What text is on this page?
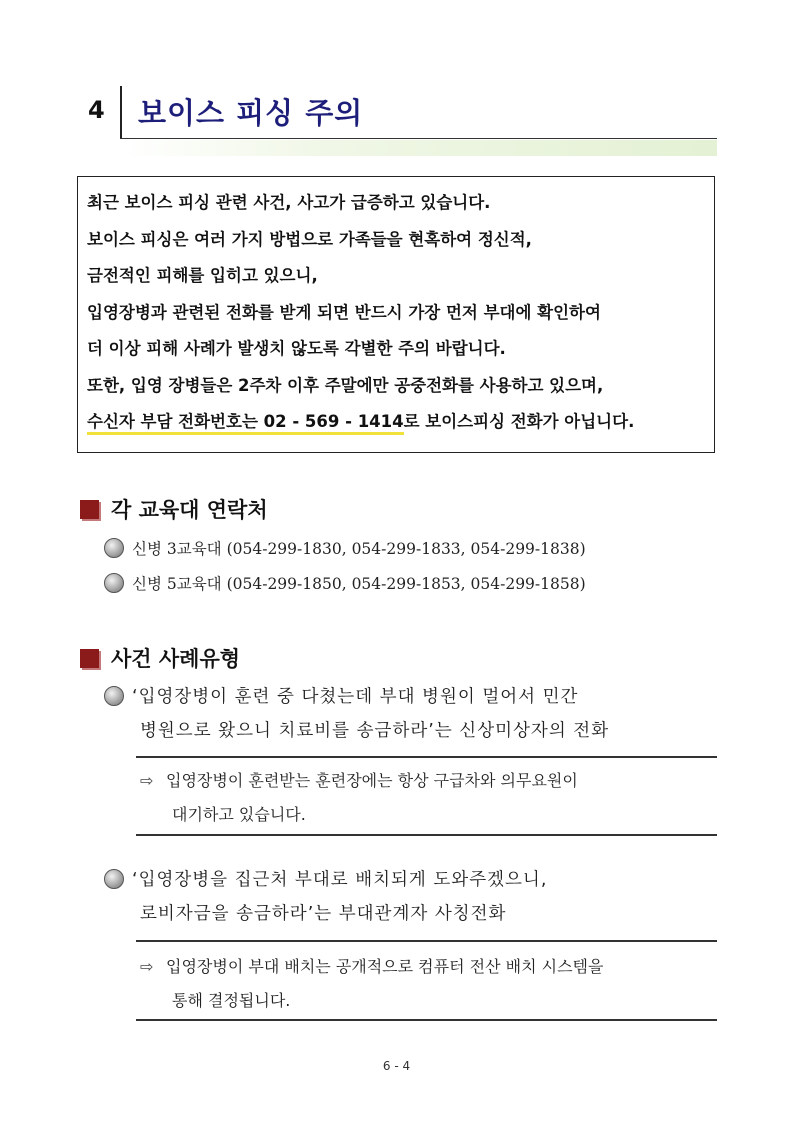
4 보이스 피싱 주의

최근 보이스 피싱 관련 사건, 사고가 급증하고 있습니다.

보이스 피싱은 여러 가지 방법으로 가족들을 현혹하여 정신적,

금전적인 피해를 입히고 있으니,

입영장병과 관련된 전화를 받게 되면 반드시 가장 먼저 부대에 확인하여

더 이상 피해 사례가 발생치 않도록 각별한 주의 바랍니다.

또한, 입영 장병들은 2주차 이후 주말에만 공중전화를 사용하고 있으며,

수신자 부담 전화번호는 02 - 569 - 1414로 보이스피싱 전화가 아닙니다.

각 교육대 연락처
신병 3교육대 (054-299-1830, 054-299-1833, 054-299-1838)
신병 5교육대 (054-299-1850, 054-299-1853, 054-299-1858)
사건 사례유형
‘입영장병이 훈련 중 다쳤는데 부대 병원이 멀어서 민간
병원으로 왔으니 치료비를 송금하라’는 신상미상자의 전화
⇨ 입영장병이 훈련받는 훈련장에는 항상 구급차와 의무요원이
대기하고 있습니다.
‘입영장병을 집근처 부대로 배치되게 도와주겠으니,
로비자금을 송금하라’는 부대관계자 사칭전화
⇨ 입영장병이 부대 배치는 공개적으로 컴퓨터 전산 배치 시스템을
통해 결정됩니다.
6 - 4
